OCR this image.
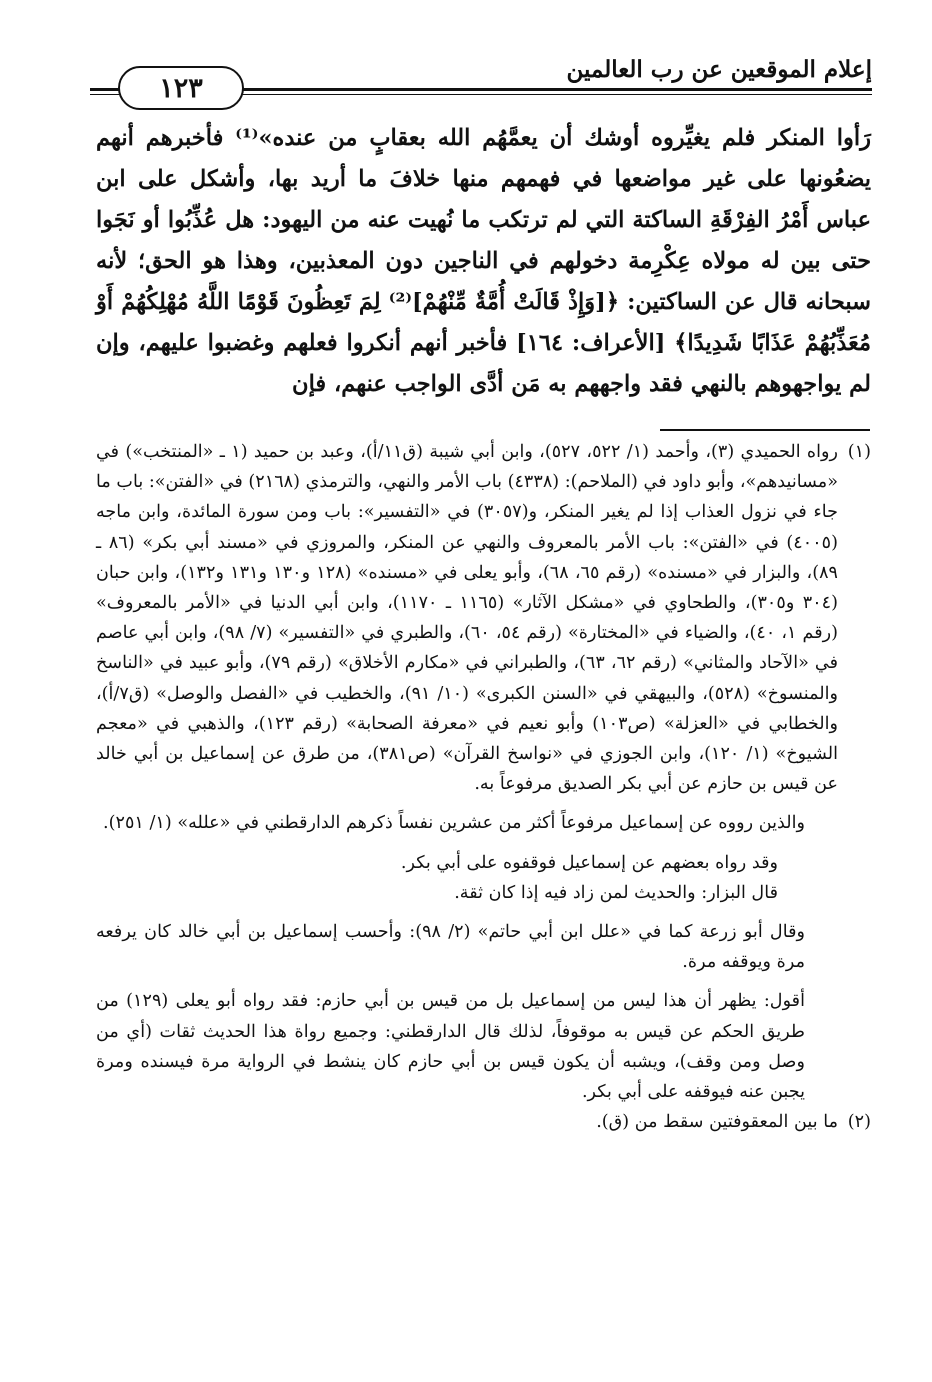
إعلام الموقعين عن رب العالمين
١٢٣

رَأوا المنكر فلم يغيِّروه أوشك أن يعمَّهُم الله بعقابٍ من عنده»⁽¹⁾ فأخبرهم أنهم يضعُونها على غير مواضعها في فهمهم منها خلافَ ما أريد بها، وأشكل على ابن عباس أَمْرُ الفِرْقَةِ الساكتة التي لم ترتكب ما نُهيت عنه من اليهود: هل عُذِّبُوا أو نَجَوا حتى بين له مولاه عِكْرِمة دخولهم في الناجين دون المعذبين، وهذا هو الحق؛ لأنه سبحانه قال عن الساكتين: ﴿[وَإِذْ قَالَتْ أُمَّةٌ مِّنْهُمْ]⁽²⁾ لِمَ تَعِظُونَ قَوْمًا اللَّهُ مُهْلِكُهُمْ أَوْ مُعَذِّبُهُمْ عَذَابًا شَدِيدًا﴾ [الأعراف: ١٦٤] فأخبر أنهم أنكروا فعلهم وغضبوا عليهم، وإن لم يواجهوهم بالنهي فقد واجههم به مَن أدَّى الواجب عنهم، فإن

(١)

رواه الحميدي (٣)، وأحمد (١/ ٥٢٢، ٥٢٧)، وابن أبي شيبة (ق١١/أ)، وعبد بن حميد (١ ـ «المنتخب») في «مسانيدهم»، وأبو داود في (الملاحم): (٤٣٣٨) باب الأمر والنهي، والترمذي (٢١٦٨) في «الفتن»: باب ما جاء في نزول العذاب إذا لم يغير المنكر، و(٣٠٥٧) في «التفسير»: باب ومن سورة المائدة، وابن ماجه (٤٠٠٥) في «الفتن»: باب الأمر بالمعروف والنهي عن المنكر، والمروزي في «مسند أبي بكر» (٨٦ ـ ٨٩)، والبزار في «مسنده» (رقم ٦٥، ٦٨)، وأبو يعلى في «مسنده» (١٢٨ و١٣٠ و١٣١ و١٣٢)، وابن حبان (٣٠٤ و٣٠٥)، والطحاوي في «مشكل الآثار» (١١٦٥ ـ ١١٧٠)، وابن أبي الدنيا في «الأمر بالمعروف» (رقم ١، ٤٠)، والضياء في «المختارة» (رقم ٥٤، ٦٠)، والطبري في «التفسير» (٧/ ٩٨)، وابن أبي عاصم في «الآحاد والمثاني» (رقم ٦٢، ٦٣)، والطبراني في «مكارم الأخلاق» (رقم ٧٩)، وأبو عبيد في «الناسخ والمنسوخ» (٥٢٨)، والبيهقي في «السنن الكبرى» (١٠/ ٩١)، والخطيب في «الفصل والوصل» (ق٧/أ)، والخطابي في «العزلة» (ص١٠٣) وأبو نعيم في «معرفة الصحابة» (رقم ١٢٣)، والذهبي في «معجم الشيوخ» (١/ ١٢٠)، وابن الجوزي في «نواسخ القرآن» (ص٣٨١)، من طرق عن إسماعيل بن أبي خالد عن قيس بن حازم عن أبي بكر الصديق مرفوعاً به.

والذين رووه عن إسماعيل مرفوعاً أكثر من عشرين نفساً ذكرهم الدارقطني في «علله» (١/ ٢٥١).

وقد رواه بعضهم عن إسماعيل فوقفوه على أبي بكر.

قال البزار: والحديث لمن زاد فيه إذا كان ثقة.

وقال أبو زرعة كما في «علل ابن أبي حاتم» (٢/ ٩٨): وأحسب إسماعيل بن أبي خالد كان يرفعه مرة ويوقفه مرة.

أقول: يظهر أن هذا ليس من إسماعيل بل من قيس بن أبي حازم: فقد رواه أبو يعلى (١٢٩) من طريق الحكم عن قيس به موقوفاً، لذلك قال الدارقطني: وجميع رواة هذا الحديث ثقات (أي من وصل ومن وقف)، ويشبه أن يكون قيس بن أبي حازم كان ينشط في الرواية مرة فيسنده ومرة يجبن عنه فيوقفه على أبي بكر.

(٢)

ما بين المعقوفتين سقط من (ق).
